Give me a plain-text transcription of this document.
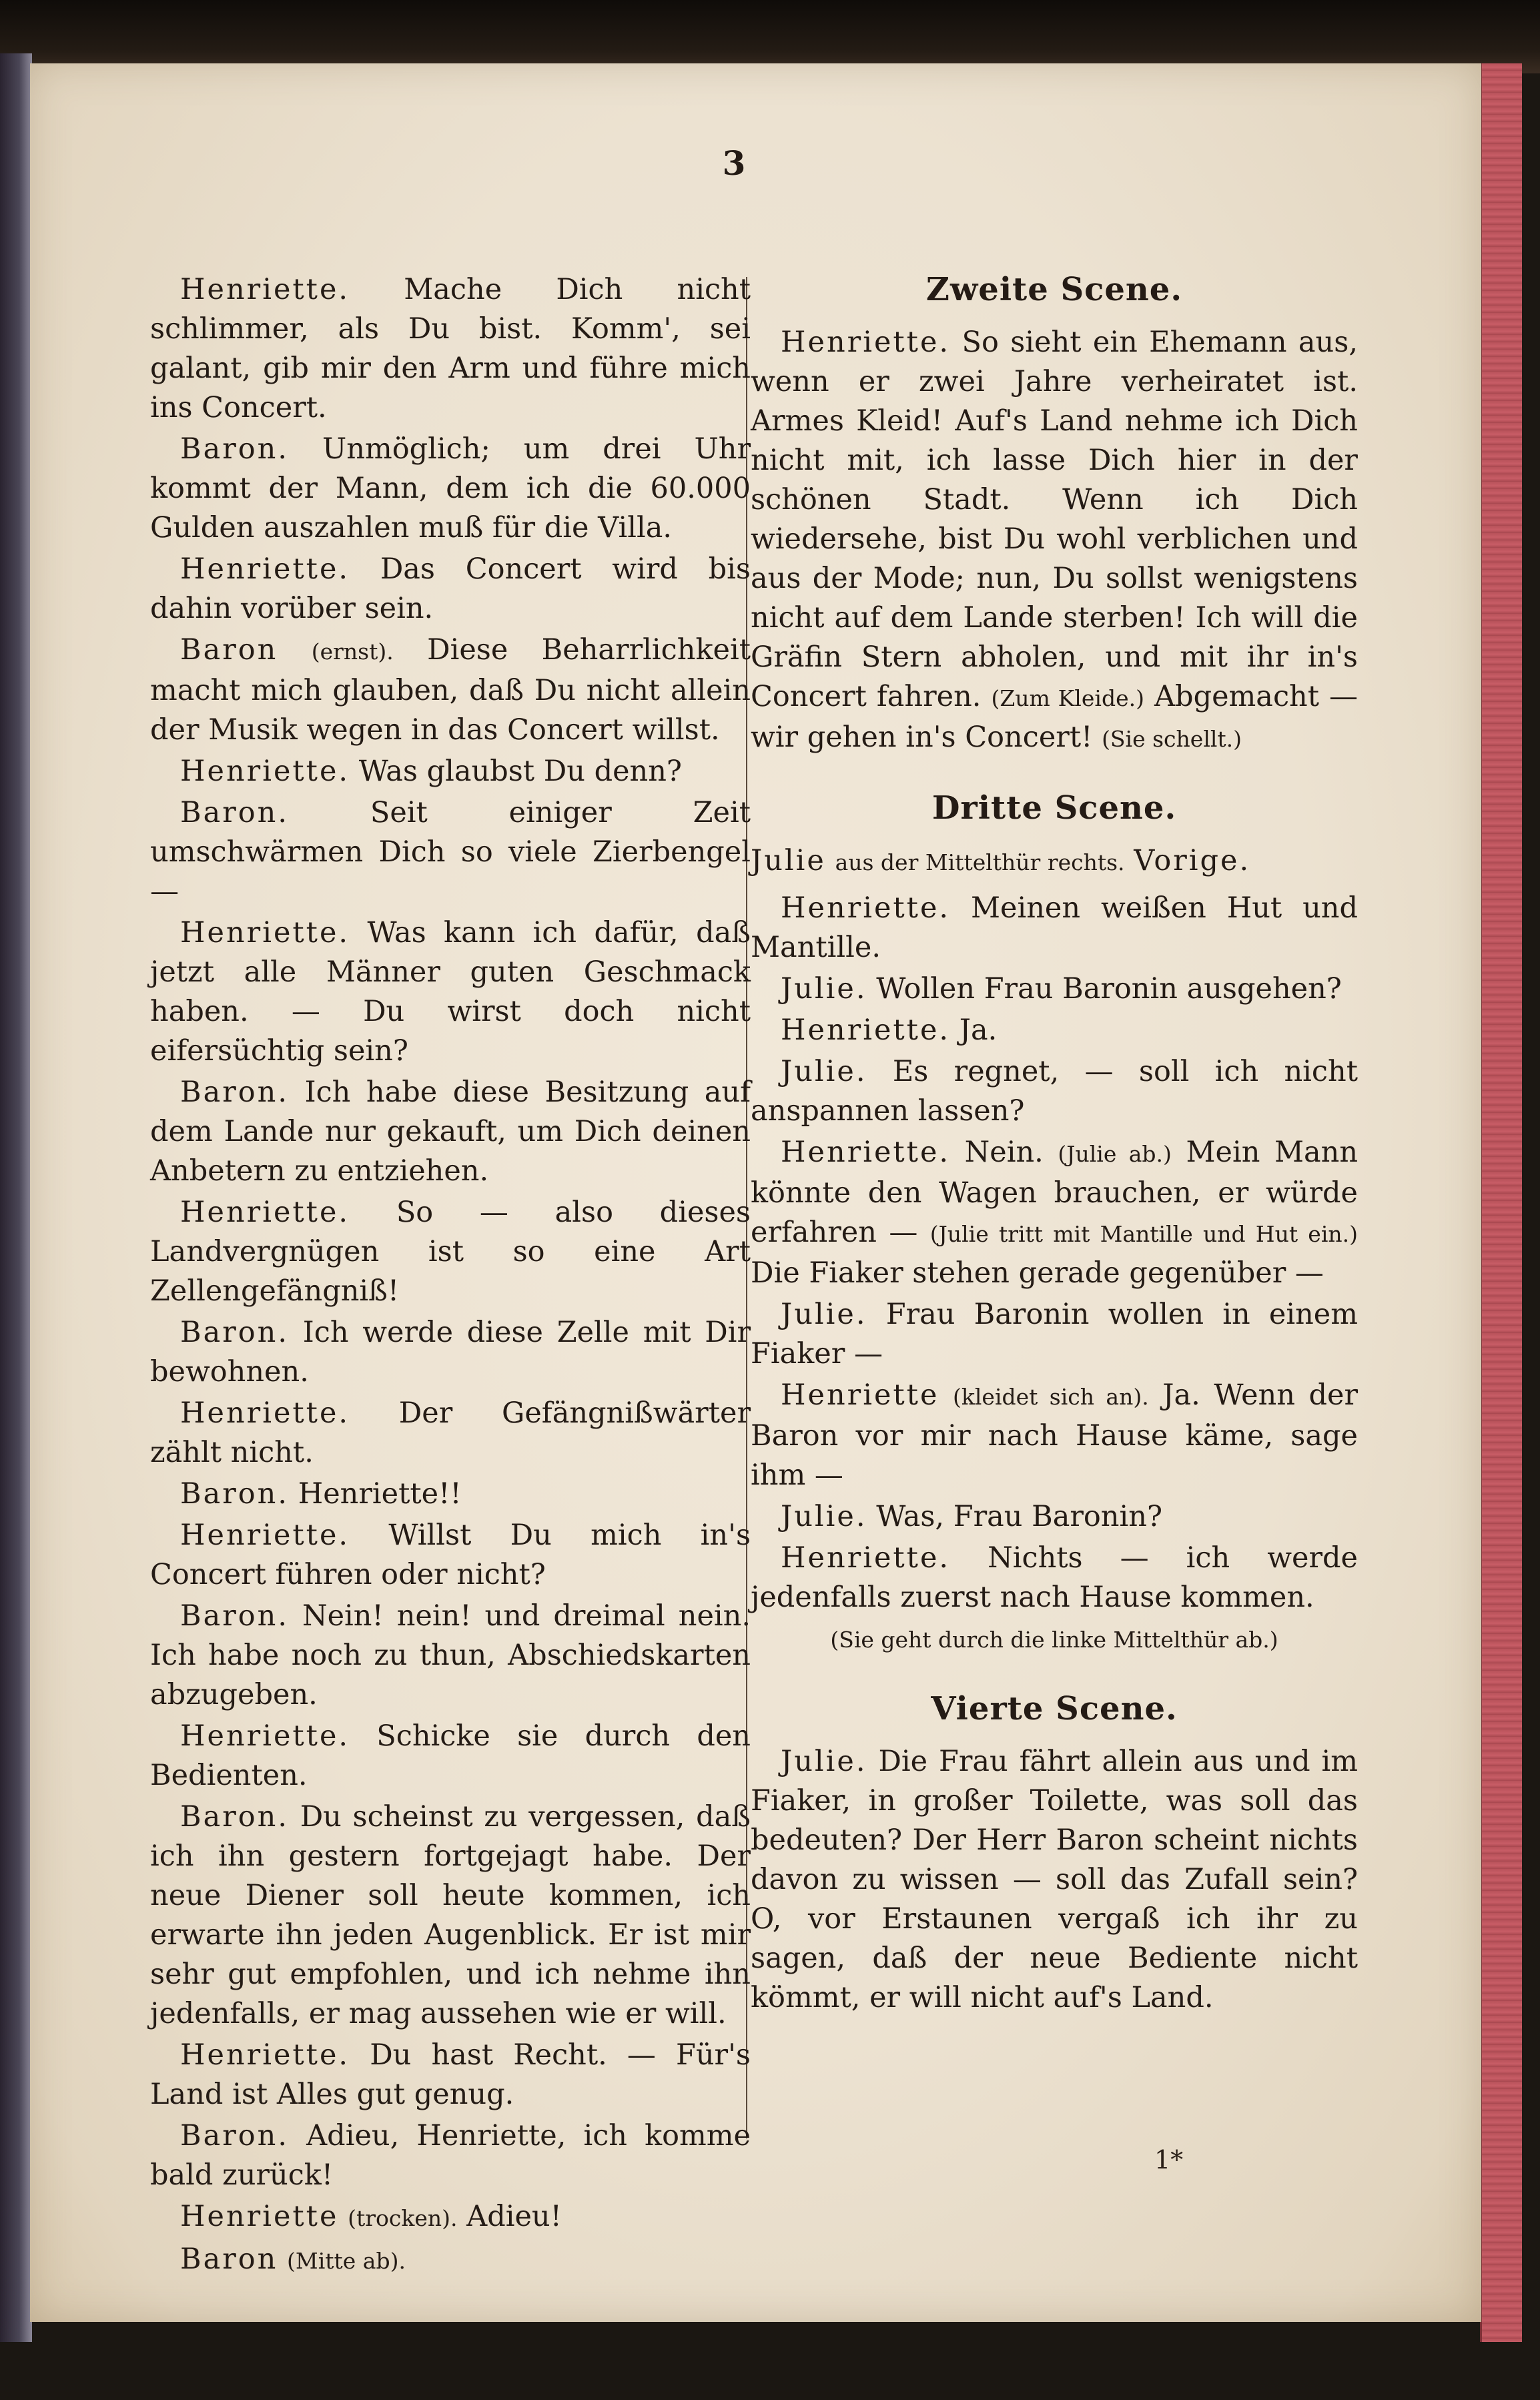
3

Henriette. Mache Dich nicht schlimmer, als Du bist. Komm', sei galant, gib mir den Arm und führe mich ins Concert.

Baron. Unmöglich; um drei Uhr kommt der Mann, dem ich die 60.000 Gulden auszahlen muß für die Villa.

Henriette. Das Concert wird bis dahin vorüber sein.

Baron (ernst). Diese Beharrlichkeit macht mich glauben, daß Du nicht allein der Musik wegen in das Concert willst.

Henriette. Was glaubst Du denn?

Baron.	Seit einiger Zeit umschwärmen Dich so viele Zierbengel —

Henriette. Was kann ich dafür, daß jetzt alle Männer guten Geschmack haben. — Du wirst doch nicht eifersüchtig sein?

Baron. Ich habe diese Besitzung auf dem Lande nur gekauft, um Dich deinen Anbetern zu entziehen.

Henriette. So — also dieses Landvergnügen ist so eine Art Zellengefängniß!

Baron. Ich werde diese Zelle mit Dir bewohnen.

Henriette. Der Gefängnißwärter zählt nicht.

Baron. Henriette!!

Henriette. Willst Du mich in's Concert führen oder nicht?

Baron. Nein! nein! und dreimal nein. Ich habe noch zu thun, Abschiedskarten abzugeben.

Henriette. Schicke sie durch den Bedienten.

Baron. Du scheinst zu vergessen, daß ich ihn gestern fortgejagt habe. Der neue Diener soll heute kommen, ich erwarte ihn jeden Augenblick. Er ist mir sehr gut empfohlen, und ich nehme ihn jedenfalls, er mag aussehen wie er will.

Henriette. Du hast Recht. — Für's Land ist Alles gut genug.

Baron. Adieu, Henriette, ich komme bald zurück!

Henriette (trocken). Adieu!

Baron (Mitte ab).

Zweite Scene.

Henriette. So sieht ein Ehemann aus, wenn er zwei Jahre verheiratet ist. Armes Kleid! Auf's Land nehme ich Dich nicht mit, ich lasse Dich hier in der schönen Stadt. Wenn ich Dich wiedersehe, bist Du wohl verblichen und aus der Mode; nun, Du sollst wenigstens nicht auf dem Lande sterben! Ich will die Gräfin Stern abholen, und mit ihr in's Concert fahren. (Zum Kleide.) Abgemacht — wir gehen in's Concert! (Sie schellt.)

Dritte Scene.

Julie aus der Mittelthür rechts. Vorige.

Henriette. Meinen weißen Hut und Mantille.

Julie. Wollen Frau Baronin ausgehen?

Henriette. Ja.

Julie. Es regnet, — soll ich nicht anspannen lassen?

Henriette. Nein. (Julie ab.) Mein Mann könnte den Wagen brauchen, er würde erfahren — (Julie tritt mit Mantille und Hut ein.) Die Fiaker stehen gerade gegenüber —

Julie. Frau Baronin wollen in einem Fiaker —

Henriette (kleidet sich an). Ja. Wenn der Baron vor mir nach Hause käme, sage ihm —

Julie. Was, Frau Baronin?

Henriette. Nichts — ich werde jedenfalls zuerst nach Hause kommen.

(Sie geht durch die linke Mittelthür ab.)

Vierte Scene.

Julie. Die Frau fährt allein aus und im Fiaker, in großer Toilette, was soll das bedeuten? Der Herr Baron scheint nichts davon zu wissen — soll das Zufall sein? O, vor Erstaunen vergaß ich ihr zu sagen, daß der neue Bediente nicht kömmt, er will nicht auf's Land.

1*
